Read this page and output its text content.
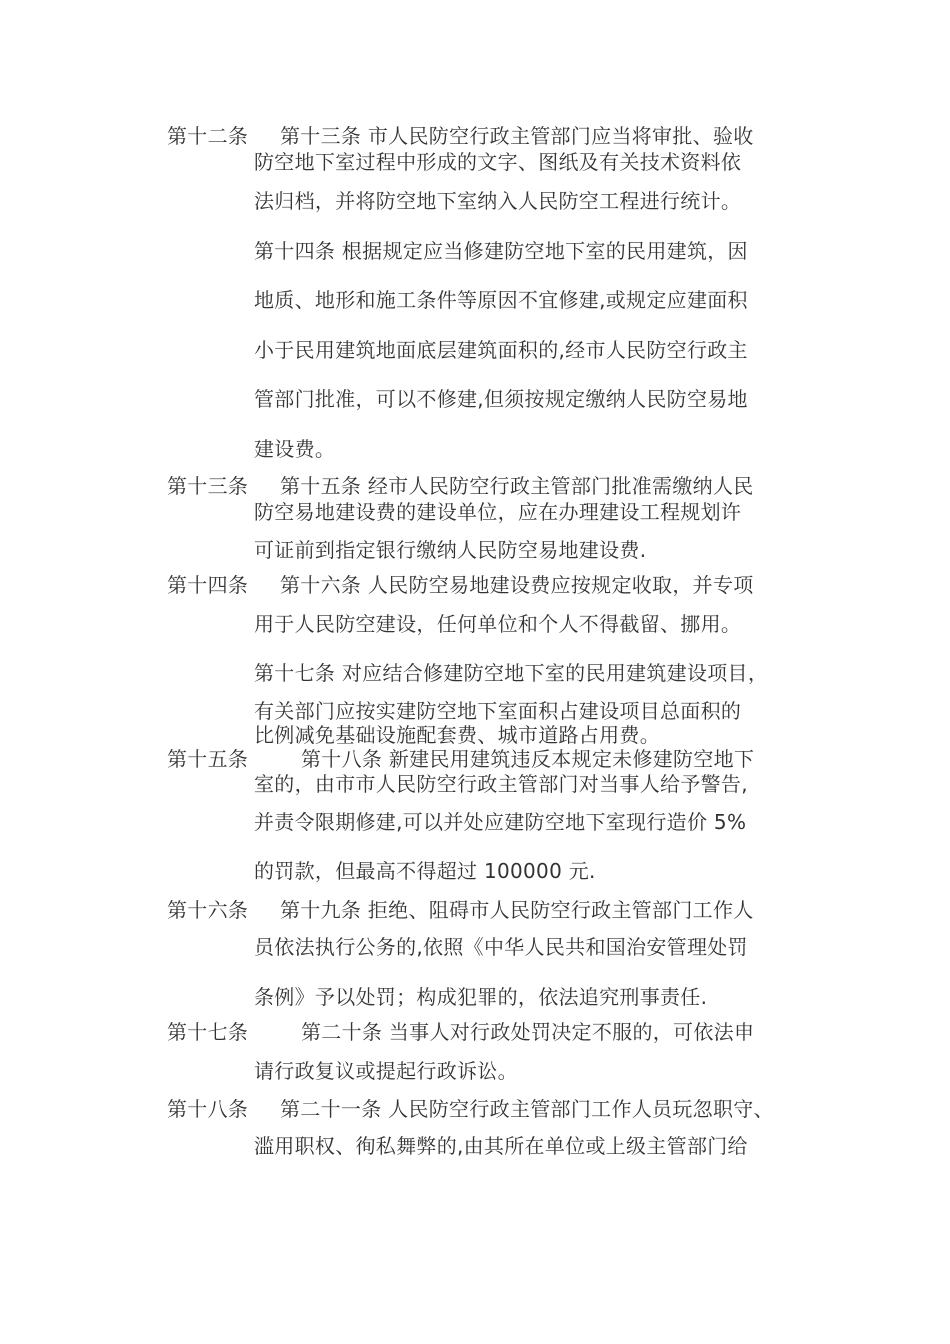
第十二条 第十三条 市人民防空行政主管部门应当将审批、验收
防空地下室过程中形成的文字、图纸及有关技术资料依
法归档，并将防空地下室纳入人民防空工程进行统计。
第十四条 根据规定应当修建防空地下室的民用建筑，因
地质、地形和施工条件等原因不宜修建,或规定应建面积
小于民用建筑地面底层建筑面积的,经市人民防空行政主
管部门批准，可以不修建,但须按规定缴纳人民防空易地
建设费。
第十三条 第十五条 经市人民防空行政主管部门批准需缴纳人民
防空易地建设费的建设单位，应在办理建设工程规划许
可证前到指定银行缴纳人民防空易地建设费.
第十四条 第十六条 人民防空易地建设费应按规定收取，并专项
用于人民防空建设，任何单位和个人不得截留、挪用。
第十七条 对应结合修建防空地下室的民用建筑建设项目，
有关部门应按实建防空地下室面积占建设项目总面积的
比例减免基础设施配套费、城市道路占用费。
第十五条	第十八条 新建民用建筑违反本规定未修建防空地下
室的，由市市人民防空行政主管部门对当事人给予警告,
并责令限期修建,可以并处应建防空地下室现行造价 5%
的罚款，但最高不得超过 100000 元.
第十六条 第十九条 拒绝、阻碍市人民防空行政主管部门工作人
员依法执行公务的,依照《中华人民共和国治安管理处罚
条例》予以处罚；构成犯罪的，依法追究刑事责任.
第十七条	第二十条 当事人对行政处罚决定不服的，可依法申
请行政复议或提起行政诉讼。
第十八条 第二十一条 人民防空行政主管部门工作人员玩忽职守、
滥用职权、徇私舞弊的,由其所在单位或上级主管部门给
